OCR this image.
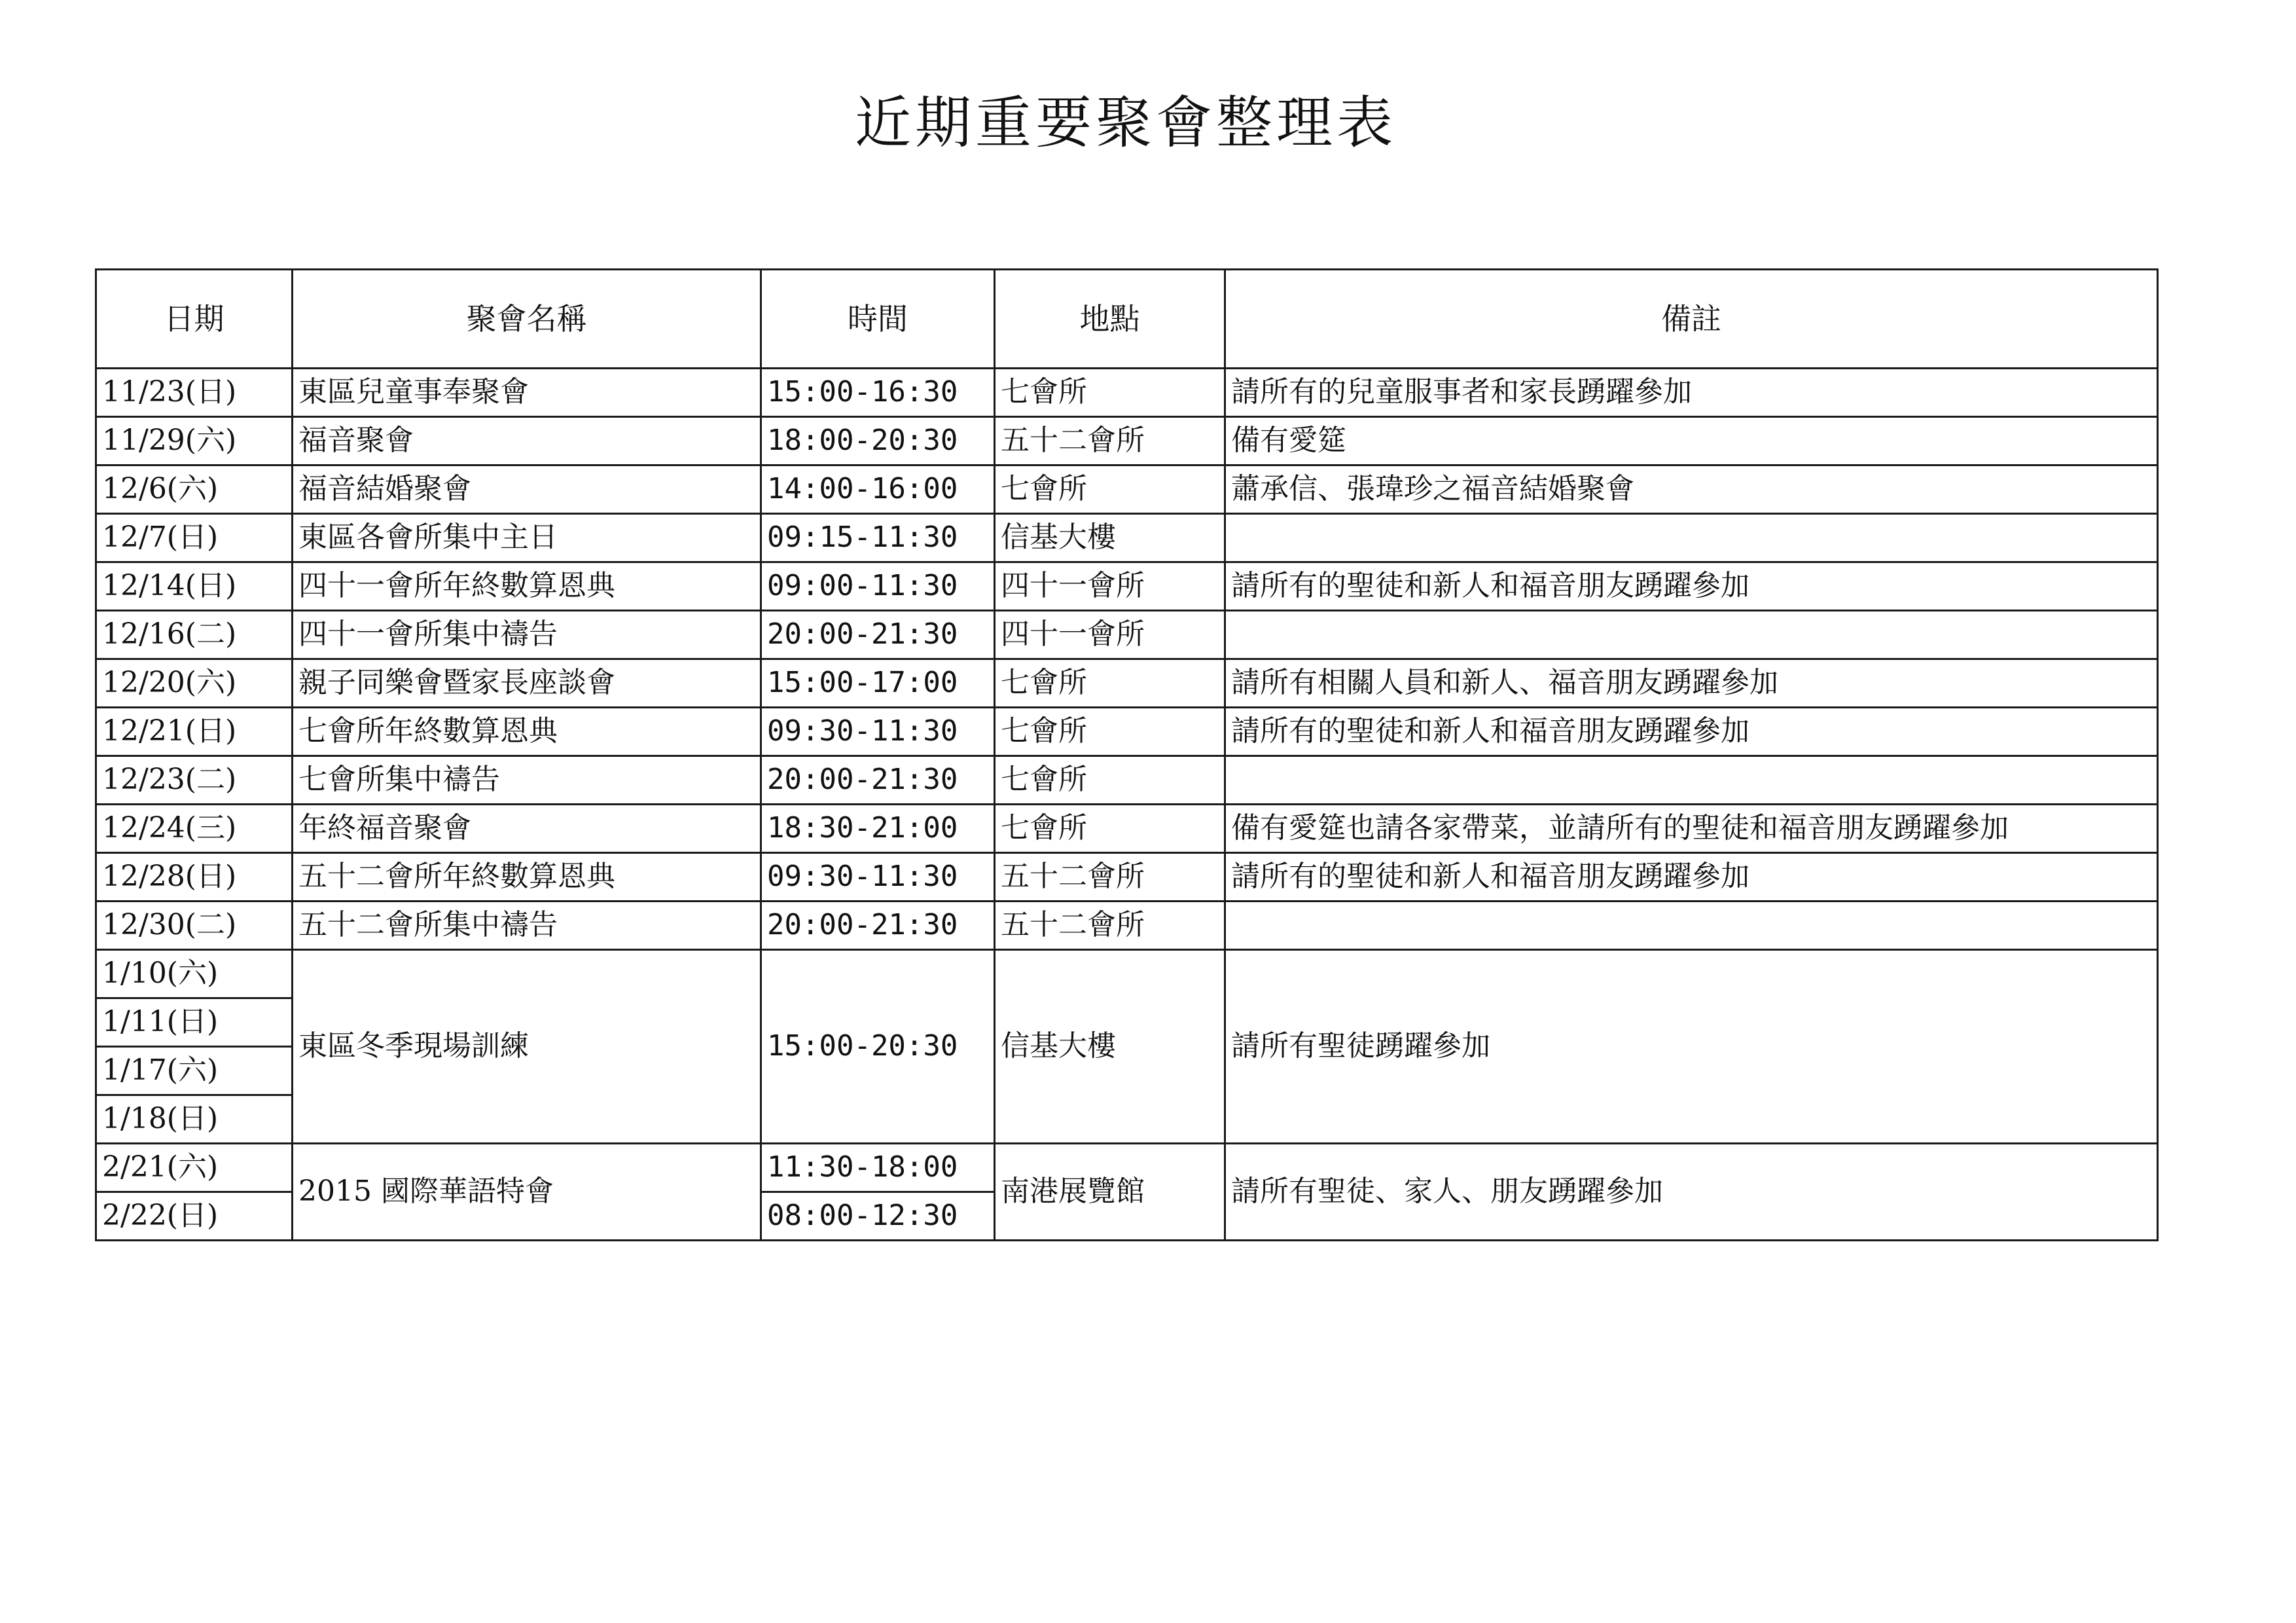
近期重要聚會整理表
日期	聚會名稱	時間	地點	備註
11/23(日)	東區兒童事奉聚會	15:00-16:30	七會所	請所有的兒童服事者和家長踴躍參加
11/29(六)	福音聚會	18:00-20:30	五十二會所	備有愛筵
12/6(六)	福音結婚聚會	14:00-16:00	七會所	蕭承信、張瑋珍之福音結婚聚會
12/7(日)	東區各會所集中主日	09:15-11:30	信基大樓	
12/14(日)	四十一會所年終數算恩典	09:00-11:30	四十一會所	請所有的聖徒和新人和福音朋友踴躍參加
12/16(二)	四十一會所集中禱告	20:00-21:30	四十一會所	
12/20(六)	親子同樂會暨家長座談會	15:00-17:00	七會所	請所有相關人員和新人、福音朋友踴躍參加
12/21(日)	七會所年終數算恩典	09:30-11:30	七會所	請所有的聖徒和新人和福音朋友踴躍參加
12/23(二)	七會所集中禱告	20:00-21:30	七會所	
12/24(三)	年終福音聚會	18:30-21:00	七會所	備有愛筵也請各家帶菜，並請所有的聖徒和福音朋友踴躍參加
12/28(日)	五十二會所年終數算恩典	09:30-11:30	五十二會所	請所有的聖徒和新人和福音朋友踴躍參加
12/30(二)	五十二會所集中禱告	20:00-21:30	五十二會所	
1/10(六)	東區冬季現場訓練	15:00-20:30	信基大樓	請所有聖徒踴躍參加
1/11(日)				
1/17(六)				
1/18(日)				
2/21(六)	2015 國際華語特會	11:30-18:00	南港展覽館	請所有聖徒、家人、朋友踴躍參加
2/22(日)		08:00-12:30		
